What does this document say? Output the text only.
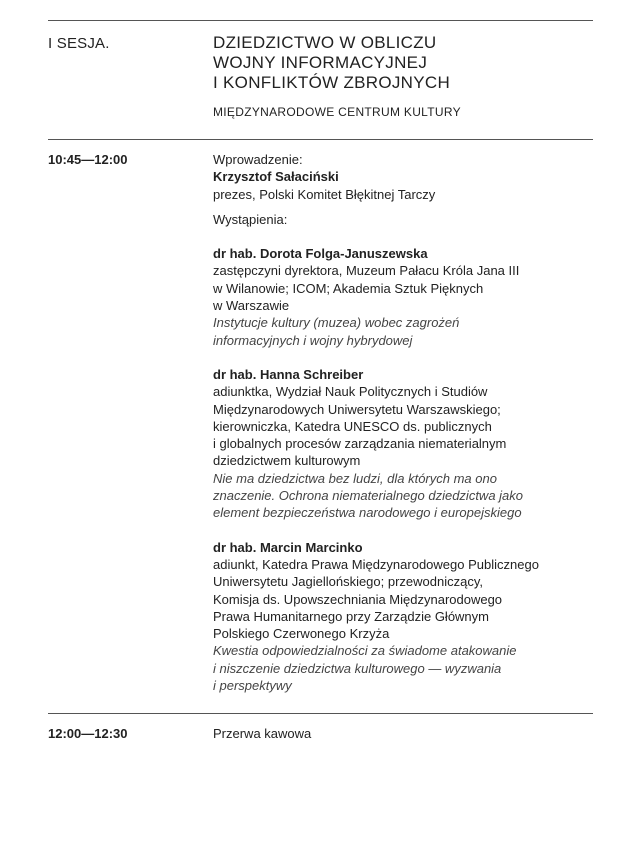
I SESJA.	DZIEDZICTWO W OBLICZU
WOJNY INFORMACYJNEJ
I KONFLIKTÓW ZBROJNYCH
MIĘDZYNARODOWE CENTRUM KULTURY
10:45—12:00	Wprowadzenie:
Krzysztof Sałaciński
prezes, Polski Komitet Błękitnej Tarczy
Wystąpienia:
dr hab. Dorota Folga-Januszewska
zastępczyni dyrektora, Muzeum Pałacu Króla Jana III
w Wilanowie; ICOM; Akademia Sztuk Pięknych
w Warszawie
Instytucje kultury (muzea) wobec zagrożeń
informacyjnych i wojny hybrydowej
dr hab. Hanna Schreiber
adiunktka, Wydział Nauk Politycznych i Studiów
Międzynarodowych Uniwersytetu Warszawskiego;
kierowniczka, Katedra UNESCO ds. publicznych
i globalnych procesów zarządzania niematerialnym
dziedzictwem kulturowym
Nie ma dziedzictwa bez ludzi, dla których ma ono
znaczenie. Ochrona niematerialnego dziedzictwa jako
element bezpieczeństwa narodowego i europejskiego
dr hab. Marcin Marcinko
adiunkt, Katedra Prawa Międzynarodowego Publicznego
Uniwersytetu Jagiellońskiego; przewodniczący,
Komisja ds. Upowszechniania Międzynarodowego
Prawa Humanitarnego przy Zarządzie Głównym
Polskiego Czerwonego Krzyża
Kwestia odpowiedzialności za świadome atakowanie
i niszczenie dziedzictwa kulturowego — wyzwania
i perspektywy
12:00—12:30	Przerwa kawowa
